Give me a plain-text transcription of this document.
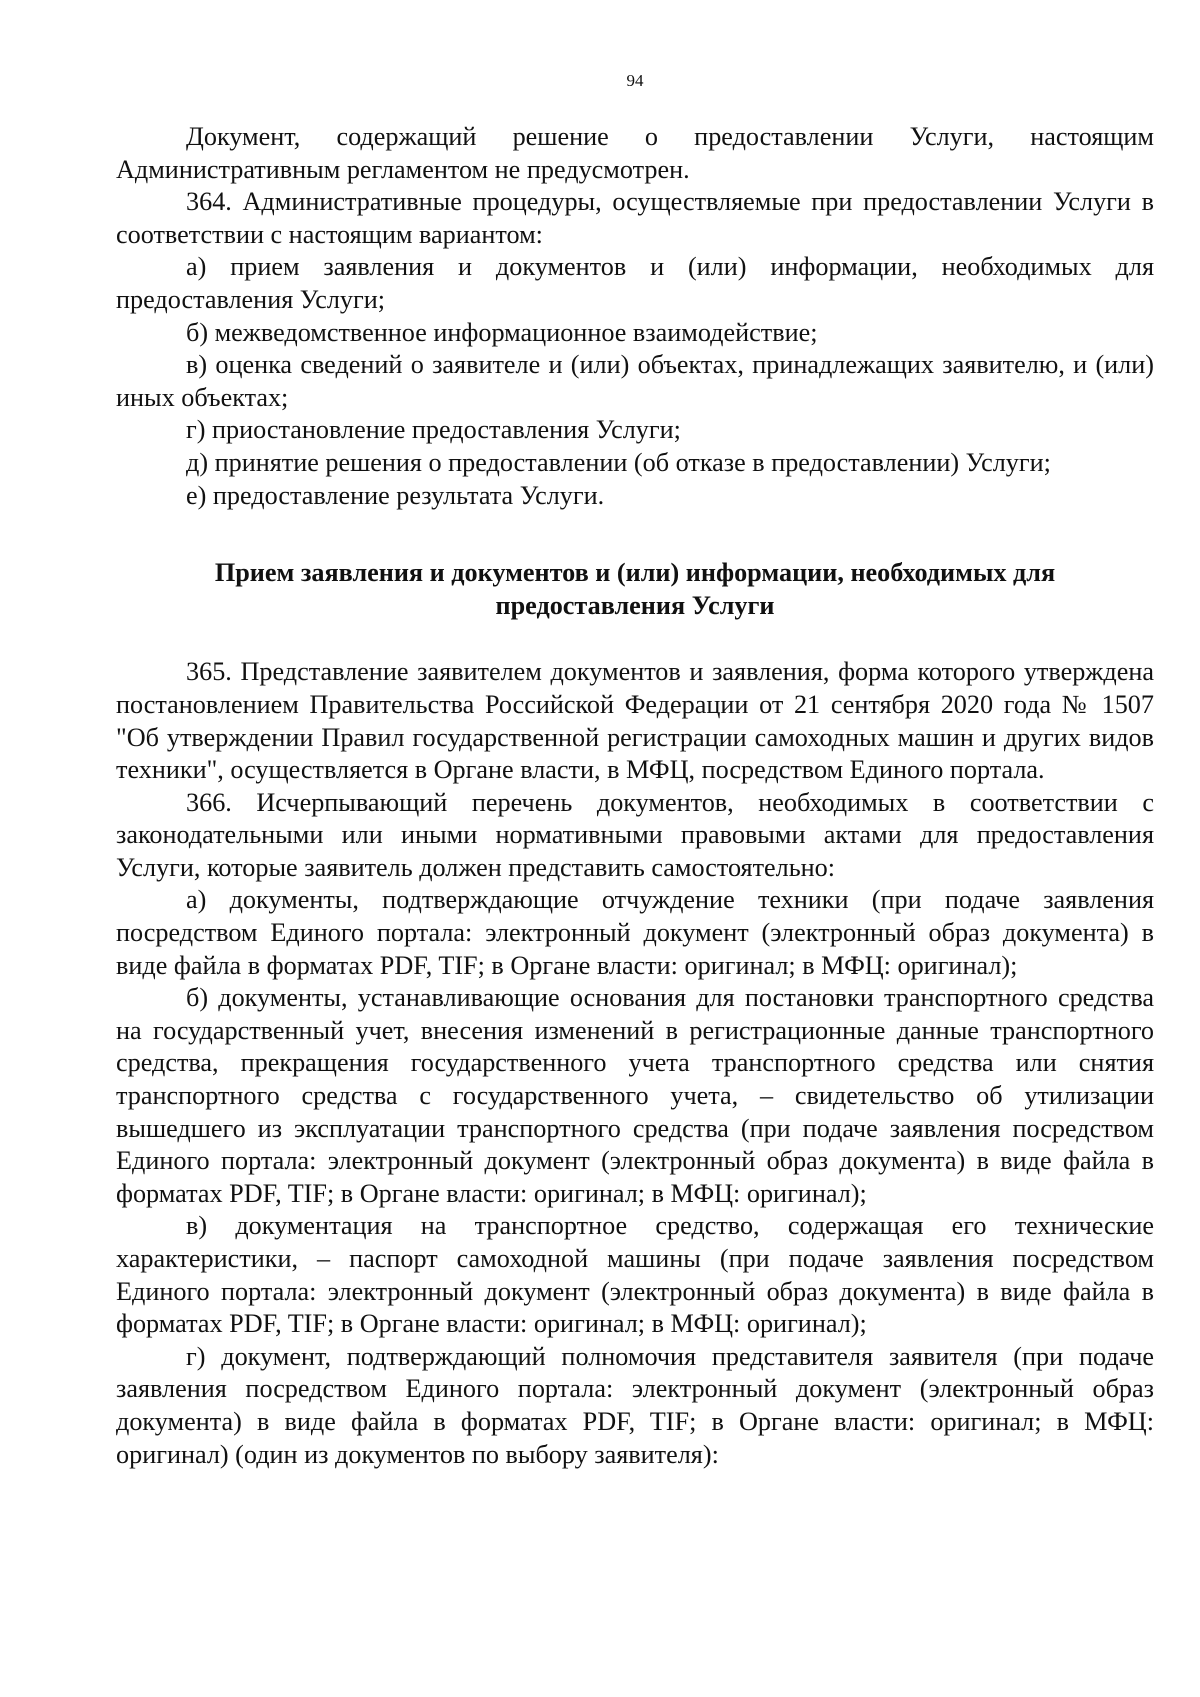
94

Документ, содержащий решение о предоставлении Услуги, настоящим Административным регламентом не предусмотрен.

364. Административные процедуры, осуществляемые при предоставлении Услуги в соответствии с настоящим вариантом:

а) прием заявления и документов и (или) информации, необходимых для предоставления Услуги;

б) межведомственное информационное взаимодействие;

в) оценка сведений о заявителе и (или) объектах, принадлежащих заявителю, и (или) иных объектах;

г) приостановление предоставления Услуги;

д) принятие решения о предоставлении (об отказе в предоставлении) Услуги;

е) предоставление результата Услуги.

Прием заявления и документов и (или) информации, необходимых для
предоставления Услуги

365. Представление заявителем документов и заявления, форма которого утверждена постановлением Правительства Российской Федерации от 21 сентября 2020 года № 1507 "Об утверждении Правил государственной регистрации самоходных машин и других видов техники", осуществляется в Органе власти, в МФЦ, посредством Единого портала.

366. Исчерпывающий перечень документов, необходимых в соответствии с законодательными или иными нормативными правовыми актами для предоставления Услуги, которые заявитель должен представить самостоятельно:

а) документы, подтверждающие отчуждение техники (при подаче заявления посредством Единого портала: электронный документ (электронный образ документа) в виде файла в форматах PDF, TIF; в Органе власти: оригинал; в МФЦ: оригинал);

б) документы, устанавливающие основания для постановки транспортного средства на государственный учет, внесения изменений в регистрационные данные транспортного средства, прекращения государственного учета транспортного средства или снятия транспортного средства с государственного учета, – свидетельство об утилизации вышедшего из эксплуатации транспортного средства (при подаче заявления посредством Единого портала: электронный документ (электронный образ документа) в виде файла в форматах PDF, TIF; в Органе власти: оригинал; в МФЦ: оригинал);

в) документация на транспортное средство, содержащая его технические характеристики, – паспорт самоходной машины (при подаче заявления посредством Единого портала: электронный документ (электронный образ документа) в виде файла в форматах PDF, TIF; в Органе власти: оригинал; в МФЦ: оригинал);

г) документ, подтверждающий полномочия представителя заявителя (при подаче заявления посредством Единого портала: электронный документ (электронный образ документа) в виде файла в форматах PDF, TIF; в Органе власти: оригинал; в МФЦ: оригинал) (один из документов по выбору заявителя):
